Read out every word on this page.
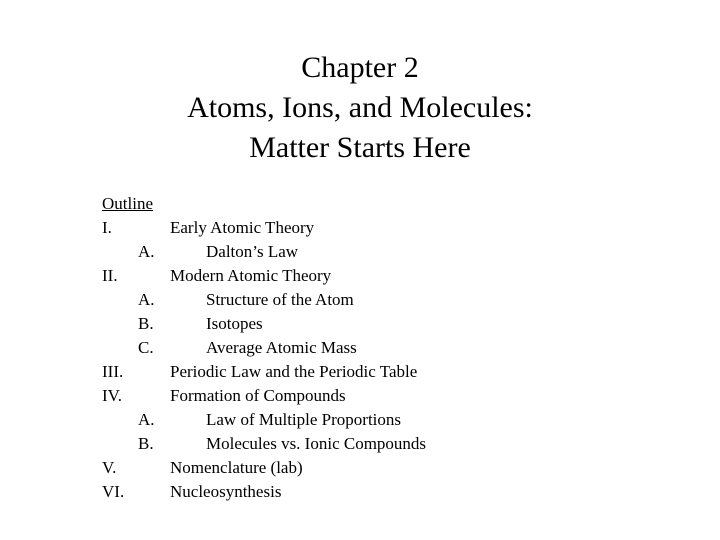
Chapter 2
Atoms, Ions, and Molecules:
Matter Starts Here
Outline
I.	Early Atomic Theory
A.	Dalton’s Law
II.	Modern Atomic Theory
A.	Structure of the Atom
B.	Isotopes
C.	Average Atomic Mass
III.	Periodic Law and the Periodic Table
IV.	Formation of Compounds
A.	Law of Multiple Proportions
B.	Molecules vs. Ionic Compounds
V.	Nomenclature (lab)
VI.	Nucleosynthesis
